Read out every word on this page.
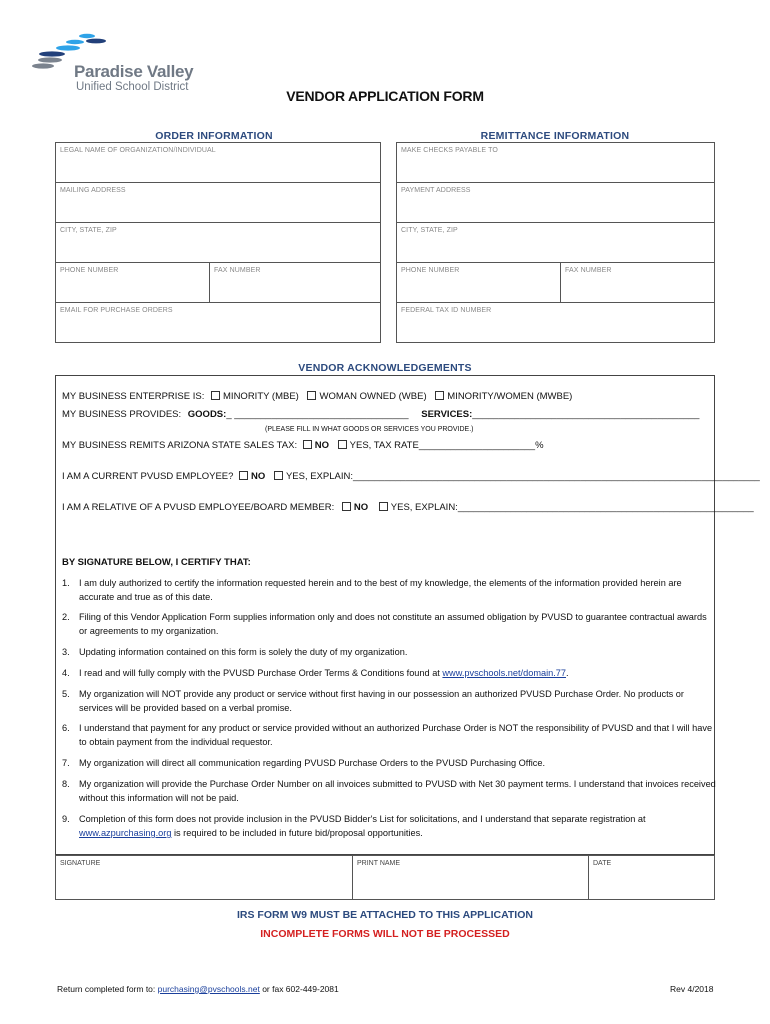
Paradise Valley
Unified School District
VENDOR APPLICATION FORM
ORDER INFORMATION	REMITTANCE INFORMATION
LEGAL NAME OF ORGANIZATION/INDIVIDUAL
MAILING ADDRESS
CITY, STATE, ZIP
PHONE NUMBER	FAX NUMBER
EMAIL FOR PURCHASE ORDERS
MAKE CHECKS PAYABLE TO
PAYMENT ADDRESS
CITY, STATE, ZIP
PHONE NUMBER	FAX NUMBER
FEDERAL TAX ID NUMBER
VENDOR ACKNOWLEDGEMENTS
MY BUSINESS ENTERPRISE IS: MINORITY (MBE) WOMAN OWNED (WBE) MINORITY/WOMEN (MWBE)
MY BUSINESS PROVIDES: GOODS:_ _________________________________ SERVICES:___________________________________________
(PLEASE FILL IN WHAT GOODS OR SERVICES YOU PROVIDE.)
MY BUSINESS REMITS ARIZONA STATE SALES TAX: NO YES, TAX RATE______________________%
I AM A CURRENT PVUSD EMPLOYEE? NO YES, EXPLAIN:_____________________________________________________________________________
I AM A RELATIVE OF A PVUSD EMPLOYEE/BOARD MEMBER: NO YES, EXPLAIN:________________________________________________________
BY SIGNATURE BELOW, I CERTIFY THAT:
1. I am duly authorized to certify the information requested herein and to the best of my knowledge, the elements of the information provided herein are accurate and true as of this date.
2. Filing of this Vendor Application Form supplies information only and does not constitute an assumed obligation by PVUSD to guarantee contractual awards or agreements to my organization.
3. Updating information contained on this form is solely the duty of my organization.
4. I read and will fully comply with the PVUSD Purchase Order Terms & Conditions found at www.pvschools.net/domain.77.
5. My organization will NOT provide any product or service without first having in our possession an authorized PVUSD Purchase Order. No products or services will be provided based on a verbal promise.
6. I understand that payment for any product or service provided without an authorized Purchase Order is NOT the responsibility of PVUSD and that I will have to obtain payment from the individual requestor.
7. My organization will direct all communication regarding PVUSD Purchase Orders to the PVUSD Purchasing Office.
8. My organization will provide the Purchase Order Number on all invoices submitted to PVUSD with Net 30 payment terms. I understand that invoices received without this information will not be paid.
9. Completion of this form does not provide inclusion in the PVUSD Bidder's List for solicitations, and I understand that separate registration at www.azpurchasing.org is required to be included in future bid/proposal opportunities.
SIGNATURE	PRINT NAME	DATE
IRS FORM W9 MUST BE ATTACHED TO THIS APPLICATION
INCOMPLETE FORMS WILL NOT BE PROCESSED
Return completed form to: purchasing@pvschools.net or fax 602-449-2081	Rev 4/2018
